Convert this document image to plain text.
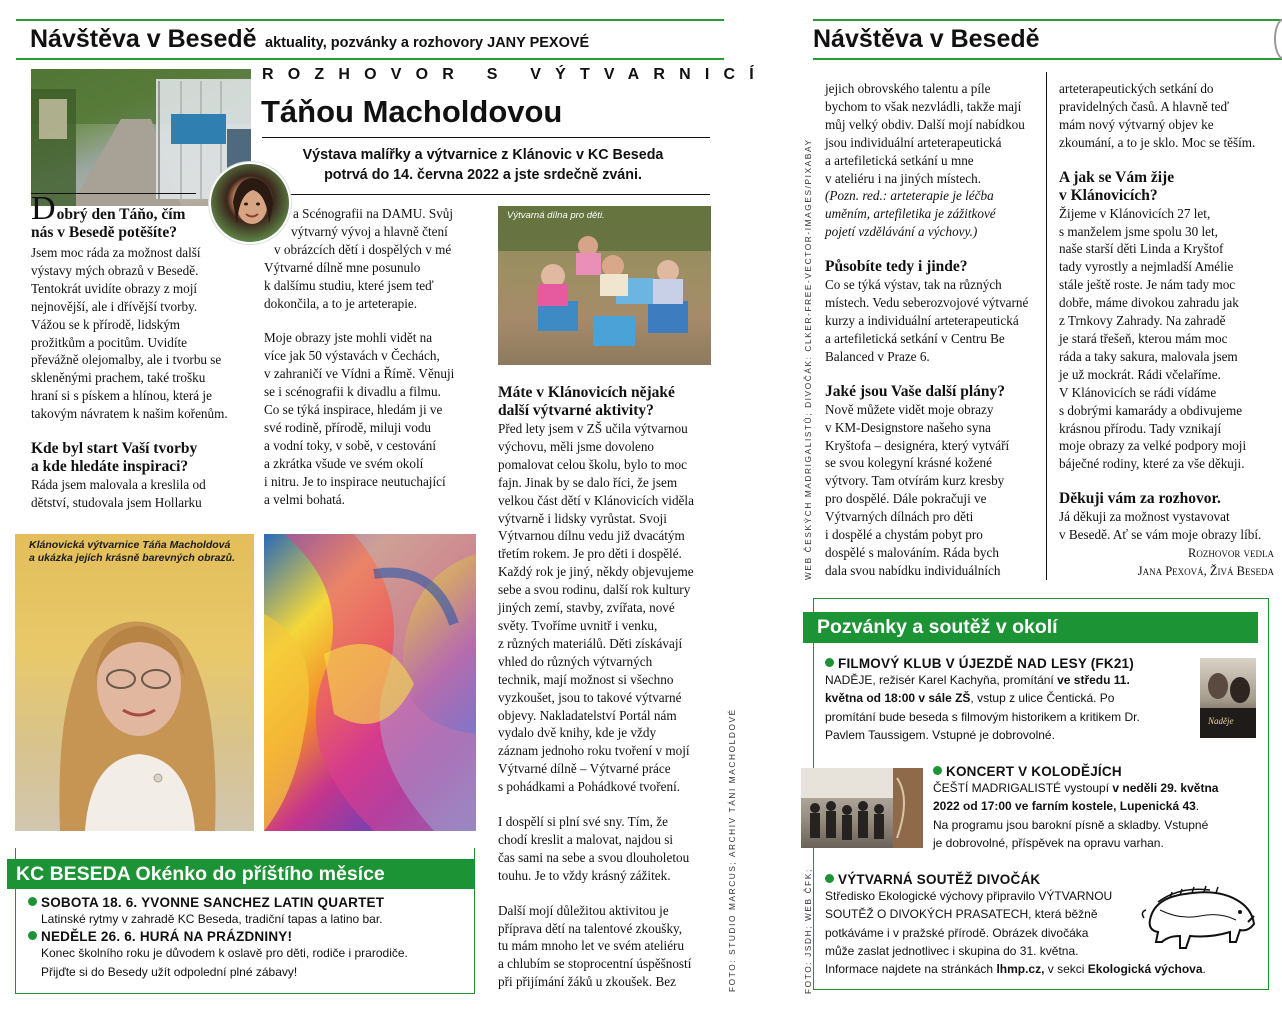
Návštěva v Besedě aktuality, pozvánky a rozhovory JANY PEXOVÉ
ROZHOVOR S VÝTVARNICÍ
Táňou Macholdovou
Výstava malířky a výtvarnice z Klánovic v KC Beseda
potrvá do 14. června 2022 a jste srdečně zváni.
D obrý den Táňo, čím
nás v Besedě potěšíte?
Jsem moc ráda za možnost další
výstavy mých obrazů v Besedě.
Tentokrát uvidíte obrazy z mojí
nejnovější, ale i dřívější tvorby.
Vážou se k přírodě, lidským
prožitkům a pocitům. Uvidíte
převážně olejomalby, ale i tvorbu se
skleněnými prachem, také trošku
hraní si s pískem a hlínou, která je
takovým návratem k našim kořenům.
Kde byl start Vaší tvorby
a kde hledáte inspiraci?
Ráda jsem malovala a kreslila od
dětství, studovala jsem Hollarku
a Scénografii na DAMU. Svůj
výtvarný vývoj a hlavně čtení
v obrázcích dětí i dospělých v mé
Výtvarné dílně mne posunulo
k dalšímu studiu, které jsem teď
dokončila, a to je arteterapie.
Moje obrazy jste mohli vidět na
více jak 50 výstavách v Čechách,
v zahraničí ve Vídni a Římě. Věnuji
se i scénografii k divadlu a filmu.
Co se týká inspirace, hledám ji ve
své rodině, přírodě, miluji vodu
a vodní toky, v sobě, v cestování
a zkrátka všude ve svém okolí
i nitru. Je to inspirace neutuchající
a velmi bohatá.
Výtvarná dílna pro děti.
Máte v Klánovicích nějaké
další výtvarné aktivity?
Před lety jsem v ZŠ učila výtvarnou
výchovu, měli jsme dovoleno
pomalovat celou školu, bylo to moc
fajn. Jinak by se dalo říci, že jsem
velkou část dětí v Klánovicích viděla
výtvarně i lidsky vyrůstat. Svoji
Výtvarnou dílnu vedu již dvacátým
třetím rokem. Je pro děti i dospělé.
Každý rok je jiný, někdy objevujeme
sebe a svou rodinu, další rok kultury
jiných zemí, stavby, zvířata, nové
světy. Tvoříme uvnitř i venku,
z různých materiálů. Děti získávají
vhled do různých výtvarných
technik, mají možnost si všechno
vyzkoušet, jsou to takové výtvarné
objevy. Nakladatelství Portál nám
vydalo dvě knihy, kde je vždy
záznam jednoho roku tvoření v mojí
Výtvarné dílně – Výtvarné práce
s pohádkami a Pohádkové tvoření.
I dospělí si plní své sny. Tím, že
chodí kreslit a malovat, najdou si
čas sami na sebe a svou dlouholetou
touhu. Je to vždy krásný zážitek.
Další mojí důležitou aktivitou je
příprava dětí na talentové zkoušky,
tu mám mnoho let ve svém ateliéru
a chlubím se stoprocentní úspěšností
při přijímání žáků u zkoušek. Bez	FOTO: STUDIO MARCUS; ARCHIV TÁNI MACHOLDOVÉ
Klánovická výtvarnice Táňa Macholdová
a ukázka jejích krásně barevných obrazů.
KC BESEDA Okénko do příštího měsíce
SOBOTA 18. 6. YVONNE SANCHEZ LATIN QUARTET
Latinské rytmy v zahradě KC Beseda, tradiční tapas a latino bar.
NEDĚLE 26. 6. HURÁ NA PRÁZDNINY!
Konec školního roku je důvodem k oslavě pro děti, rodiče i prarodiče.
Přijďte si do Besedy užít odpolední plné zábavy!
Návštěva v Besedě
WEB ČESKÝCH MADRIGALISTŮ; DIVOČÁK: CLKER-FREE-VECTOR-IMAGES/PIXABAY
FOTO: JSDH; WEB ČFK;
jejich obrovského talentu a píle
bychom to však nezvládli, takže mají
můj velký obdiv. Další mojí nabídkou
jsou individuální arteterapeutická
a artefiletická setkání u mne
v ateliéru i na jiných místech.
(Pozn. red.: arteterapie je léčba
uměním, artefiletika je zážitkové
pojetí vzdělávání a výchovy.)
Působíte tedy i jinde?
Co se týká výstav, tak na různých
místech. Vedu seberozvojové výtvarné
kurzy a individuální arteterapeutická
a artefiletická setkání v Centru Be
Balanced v Praze 6.
Jaké jsou Vaše další plány?
Nově můžete vidět moje obrazy
v KM-Designstore našeho syna
Kryštofa – designéra, který vytváří
se svou kolegyní krásné kožené
výtvory. Tam otvírám kurz kresby
pro dospělé. Dále pokračuji ve
Výtvarných dílnách pro děti
i dospělé a chystám pobyt pro
dospělé s malováním. Ráda bych
dala svou nabídku individuálních
arteterapeutických setkání do
pravidelných časů. A hlavně teď
mám nový výtvarný objev ke
zkoumání, a to je sklo. Moc se těším.
A jak se Vám žije
v Klánovicích?
Žijeme v Klánovicích 27 let,
s manželem jsme spolu 30 let,
naše starší děti Linda a Kryštof
tady vyrostly a nejmladší Amélie
stále ještě roste. Je nám tady moc
dobře, máme divokou zahradu jak
z Trnkovy Zahrady. Na zahradě
je stará třešeň, kterou mám moc
ráda a taky sakura, malovala jsem
je už mockrát. Rádi včelaříme.
V Klánovicích se rádi vídáme
s dobrými kamarády a obdivujeme
krásnou přírodu. Tady vznikají
moje obrazy za velké podpory moji
báječné rodiny, které za vše děkuji.
Děkuji vám za rozhovor.
Já děkuji za možnost vystavovat
v Besedě. Ať se vám moje obrazy líbí.
Rozhovor vedla
Jana Pexová, Živá Beseda
Pozvánky a soutěž v okolí
FILMOVÝ KLUB V ÚJEZDĚ NAD LESY (FK21)
NADĚJE, režisér Karel Kachyňa, promítání ve středu 11.
května od 18:00 v sále ZŠ, vstup z ulice Čentická. Po
promítání bude beseda s filmovým historikem a kritikem Dr.
Pavlem Taussigem. Vstupné je dobrovolné.
Naděje
KONCERT V KOLODĚJÍCH
ČEŠTÍ MADRIGALISTÉ vystoupí v neděli 29. května
2022 od 17:00 ve farním kostele, Lupenická 43.
Na programu jsou barokní písně a skladby. Vstupné
je dobrovolné, příspěvek na opravu varhan.
VÝTVARNÁ SOUTĚŽ DIVOČÁK
Středisko Ekologické výchovy připravilo VÝTVARNOU
SOUTĚŽ O DIVOKÝCH PRASATECH, která běžně
potkáváme i v pražské přírodě. Obrázek divočáka
může zaslat jednotlivec i skupina do 31. května.
Informace najdete na stránkách lhmp.cz, v sekci Ekologická výchova.
